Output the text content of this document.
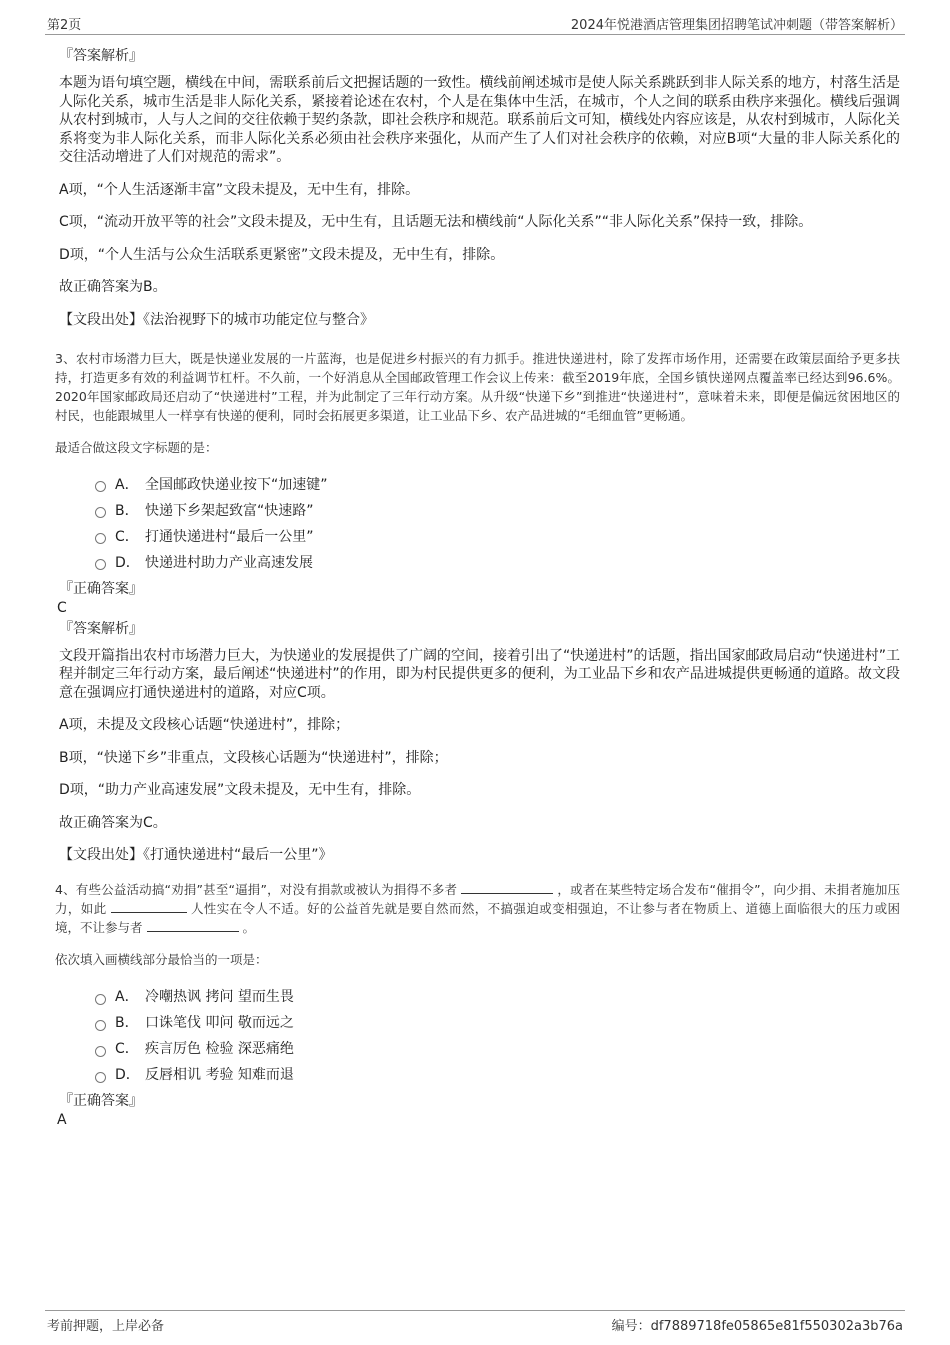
第2页	2024年悦港酒店管理集团招聘笔试冲刺题（带答案解析）
『答案解析』

本题为语句填空题，横线在中间，需联系前后文把握话题的一致性。横线前阐述城市是使人际关系跳跃到非人际关系的地方，村落生活是人际化关系，城市生活是非人际化关系，紧接着论述在农村，个人是在集体中生活，在城市，个人之间的联系由秩序来强化。横线后强调从农村到城市，人与人之间的交往依赖于契约条款，即社会秩序和规范。联系前后文可知，横线处内容应该是，从农村到城市，人际化关系将变为非人际化关系，而非人际化关系必须由社会秩序来强化，从而产生了人们对社会秩序的依赖，对应B项“大量的非人际关系化的交往活动增进了人们对规范的需求”。

A项，“个人生活逐渐丰富”文段未提及，无中生有，排除。

C项，“流动开放平等的社会”文段未提及，无中生有，且话题无法和横线前“人际化关系”“非人际化关系”保持一致，排除。

D项，“个人生活与公众生活联系更紧密”文段未提及，无中生有，排除。

故正确答案为B。

【文段出处】《法治视野下的城市功能定位与整合》

3、农村市场潜力巨大，既是快递业发展的一片蓝海，也是促进乡村振兴的有力抓手。推进快递进村，除了发挥市场作用，还需要在政策层面给予更多扶持，打造更多有效的利益调节杠杆。不久前，一个好消息从全国邮政管理工作会议上传来：截至2019年底，全国乡镇快递网点覆盖率已经达到96.6%。2020年国家邮政局还启动了“快递进村”工程，并为此制定了三年行动方案。从升级“快递下乡”到推进“快递进村”，意味着未来，即便是偏远贫困地区的村民，也能跟城里人一样享有快递的便利，同时会拓展更多渠道，让工业品下乡、农产品进城的“毛细血管”更畅通。

最适合做这段文字标题的是：

A． 全国邮政快递业按下“加速键”
B． 快递下乡架起致富“快速路”
C． 打通快递进村“最后一公里”
D． 快递进村助力产业高速发展
『正确答案』
C
『答案解析』

文段开篇指出农村市场潜力巨大，为快递业的发展提供了广阔的空间，接着引出了“快递进村”的话题，指出国家邮政局启动“快递进村”工程并制定三年行动方案，最后阐述“快递进村”的作用，即为村民提供更多的便利，为工业品下乡和农产品进城提供更畅通的道路。故文段意在强调应打通快递进村的道路，对应C项。

A项，未提及文段核心话题“快递进村”，排除；

B项，“快递下乡”非重点，文段核心话题为“快递进村”，排除；

D项，“助力产业高速发展”文段未提及，无中生有，排除。

故正确答案为C。

【文段出处】《打通快递进村“最后一公里”》

4、有些公益活动搞“劝捐”甚至“逼捐”，对没有捐款或被认为捐得不多者	，或者在某些特定场合发布“催捐令”，向少捐、未捐者施加压力，如此	人性实在令人不适。好的公益首先就是要自然而然，不搞强迫或变相强迫，不让参与者在物质上、道德上面临很大的压力或困境，不让参与者	。

依次填入画横线部分最恰当的一项是：

A． 冷嘲热讽 拷问 望而生畏
B． 口诛笔伐 叩问 敬而远之
C． 疾言厉色 检验 深恶痛绝
D． 反唇相讥 考验 知难而退
『正确答案』
A
考前押题，上岸必备	编号：df7889718fe05865e81f550302a3b76a
